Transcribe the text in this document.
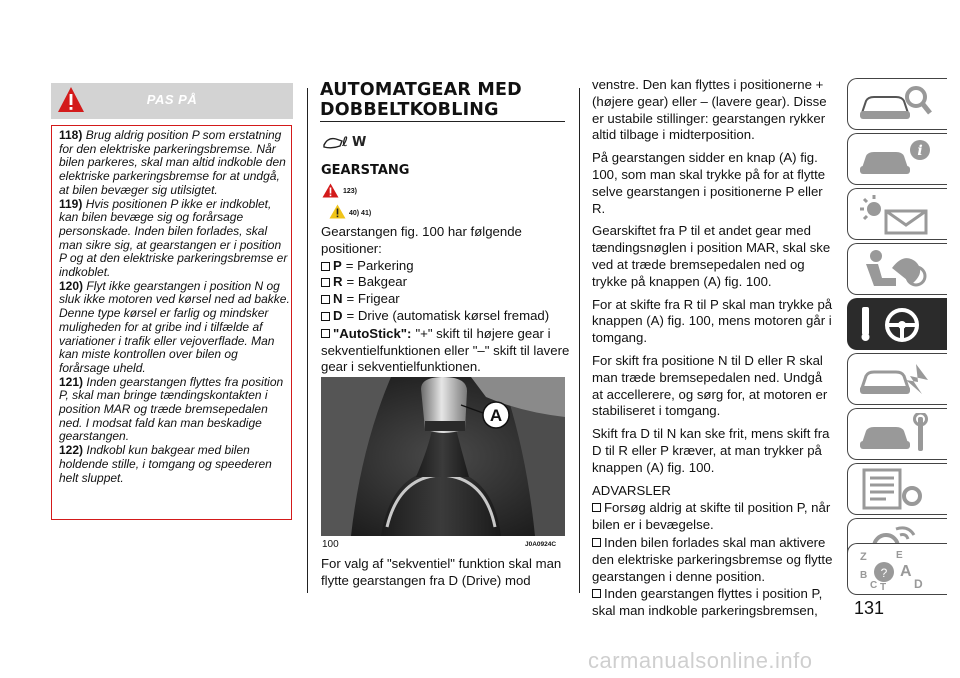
PAS PÅ

118) Brug aldrig position P som erstatning for den elektriske parkeringsbremse. Når bilen parkeres, skal man altid indkoble den elektriske parkeringsbremse for at undgå, at bilen bevæger sig utilsigtet.

119) Hvis positionen P ikke er indkoblet, kan bilen bevæge sig og forårsage personskade. Inden bilen forlades, skal man sikre sig, at gearstangen er i position P og at den elektriske parkeringsbremse er indkoblet.

120) Flyt ikke gearstangen i position N og sluk ikke motoren ved kørsel ned ad bakke. Denne type kørsel er farlig og mindsker muligheden for at gribe ind i tilfælde af variationer i trafik eller vejoverflade. Man kan miste kontrollen over bilen og forårsage uheld.

121) Inden gearstangen flyttes fra position P, skal man bringe tændingskontakten i position MAR og træde bremsepedalen ned. I modsat fald kan man beskadige gearstangen.

122) Indkobl kun bakgear med bilen holdende stille, i tomgang og speederen helt sluppet.

AUTOMATGEAR MED
DOBBELTKOBLING
ℓ W
GEARSTANG
123)
40) 41)

Gearstangen fig. 100 har følgende positioner:

P = Parkering
R = Bakgear
N = Frigear
D = Drive (automatisk kørsel fremad)
"AutoStick": "+" skift til højere gear i sekventielfunktionen eller "–" skift til lavere gear i sekventielfunktionen.
A
100	J0A0924C
For valg af "sekventiel" funktion skal man flytte gearstangen fra D (Drive) mod

venstre. Den kan flyttes i positionerne + (højere gear) eller – (lavere gear). Disse er ustabile stillinger: gearstangen rykker altid tilbage i midterposition.

På gearstangen sidder en knap (A) fig. 100, som man skal trykke på for at flytte selve gearstangen i positionerne P eller R.

Gearskiftet fra P til et andet gear med tændingsnøglen i position MAR, skal ske ved at træde bremsepedalen ned og trykke på knappen (A) fig. 100.

For at skifte fra R til P skal man trykke på knappen (A) fig. 100, mens motoren går i tomgang.

For skift fra positione N til D eller R skal man træde bremsepedalen ned. Undgå at accellerere, og sørg for, at motoren er stabiliseret i tomgang.

Skift fra D til N kan ske frit, mens skift fra D til R eller P kræver, at man trykker på knappen (A) fig. 100.

ADVARSLER

Forsøg aldrig at skifte til position P, når bilen er i bevægelse.
Inden bilen forlades skal man aktivere den elektriske parkeringsbremse og flytte gearstangen i denne position.
Inden gearstangen flyttes i position P, skal man indkoble parkeringsbremsen,
i
Z	E
B
C T
A
D
?
131
carmanualsonline.info
